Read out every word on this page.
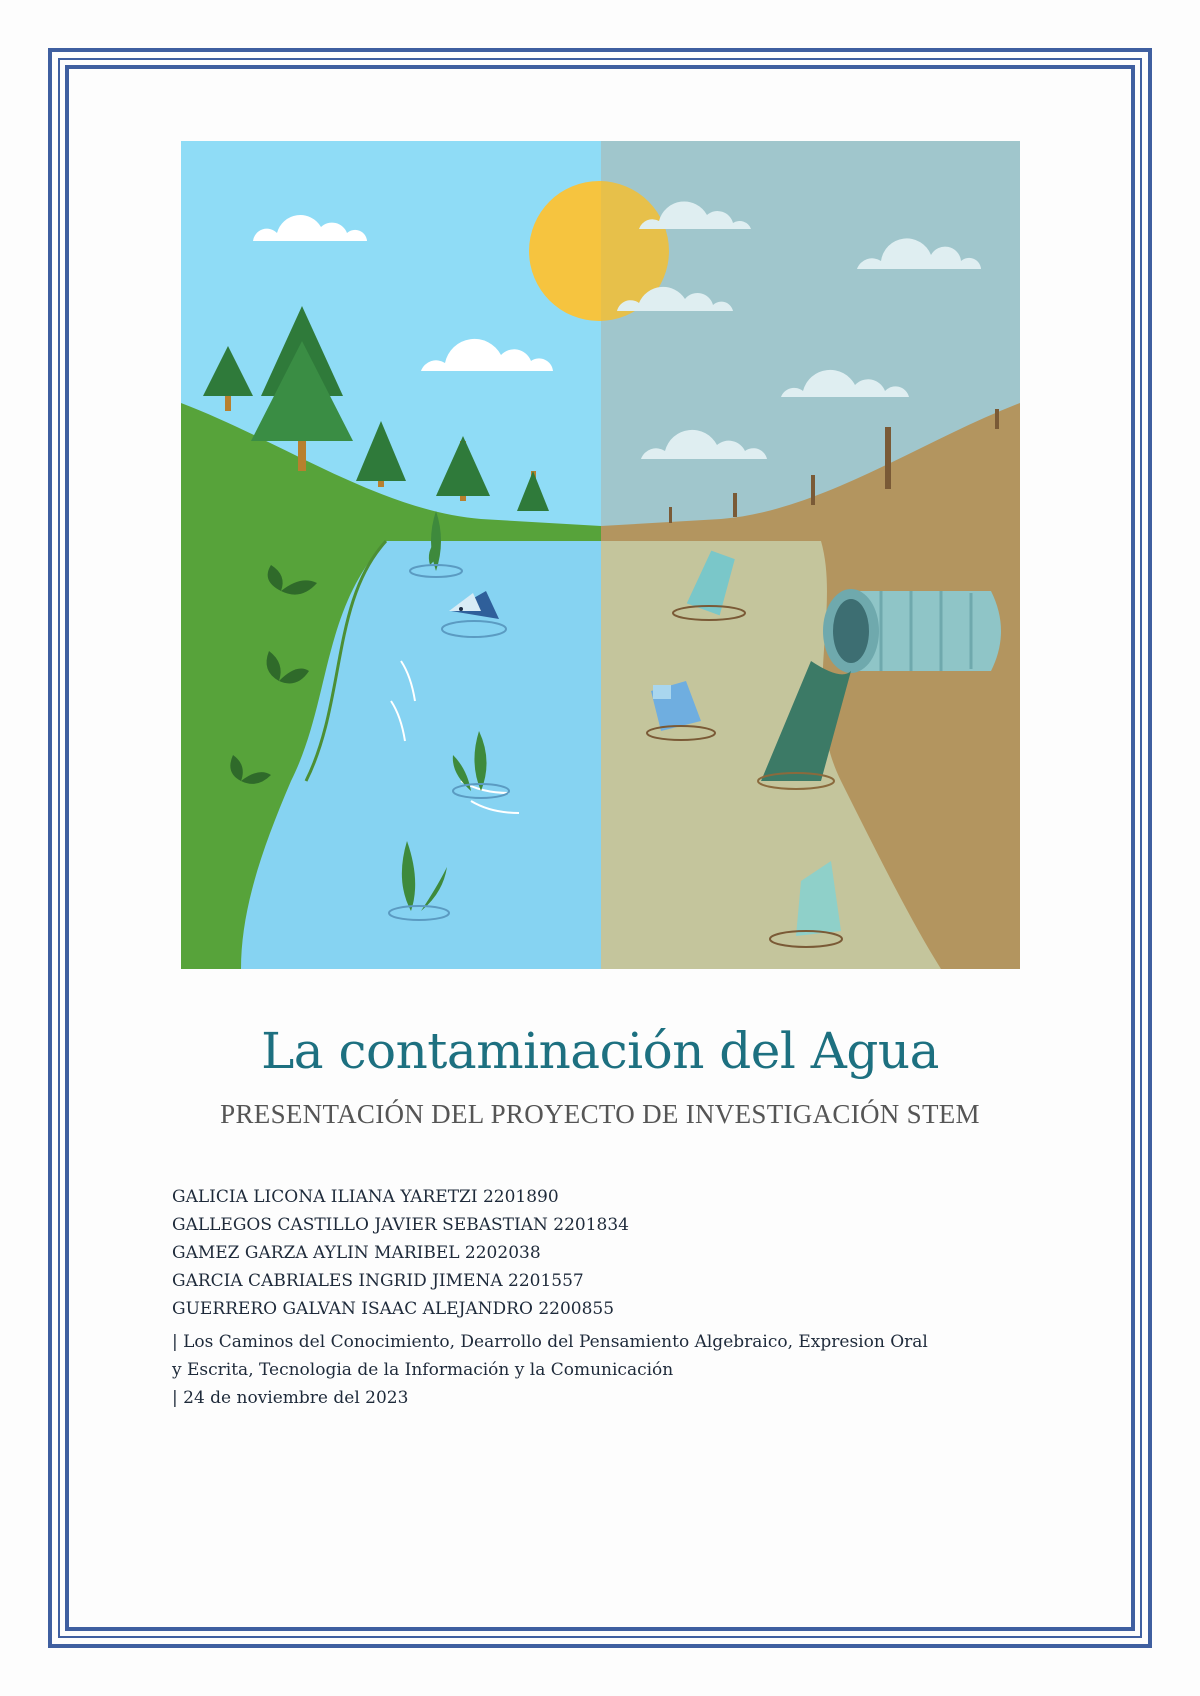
La contaminación del Agua
PRESENTACIÓN DEL PROYECTO DE INVESTIGACIÓN STEM
GALICIA LICONA ILIANA YARETZI 2201890
GALLEGOS CASTILLO JAVIER SEBASTIAN 2201834
GAMEZ GARZA AYLIN MARIBEL 2202038
GARCIA CABRIALES INGRID JIMENA 2201557
GUERRERO GALVAN ISAAC ALEJANDRO 2200855
| Los Caminos del Conocimiento, Dearrollo del Pensamiento Algebraico, Expresion Oral
y Escrita, Tecnologia de la Información y la Comunicación
| 24 de noviembre del 2023
